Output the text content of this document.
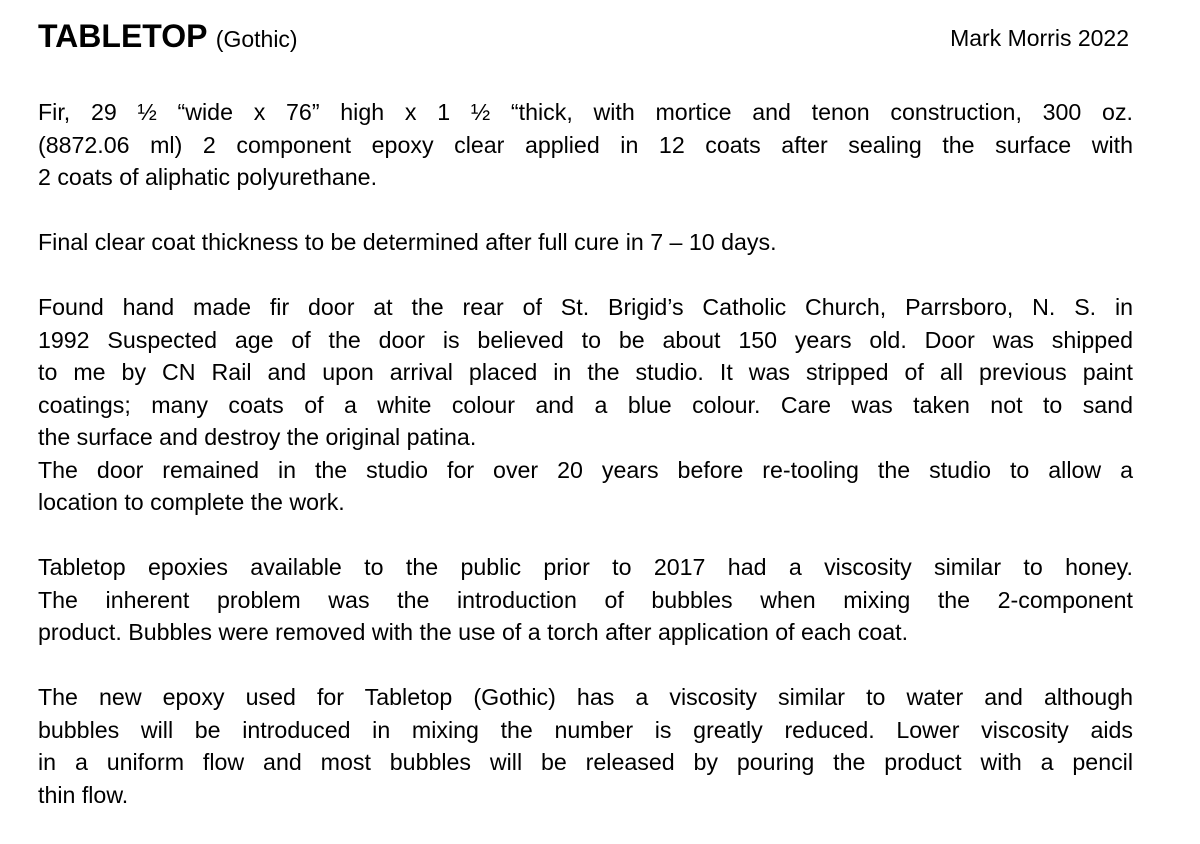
TABLETOP (Gothic)	Mark Morris 2022
Fir, 29 ½ “wide x 76” high x 1 ½ “thick, with mortice and tenon construction, 300 oz.
(8872.06 ml) 2 component epoxy clear applied in 12 coats after sealing the surface with
2 coats of aliphatic polyurethane.
Final clear coat thickness to be determined after full cure in 7 – 10 days.
Found hand made fir door at the rear of St. Brigid’s Catholic Church, Parrsboro, N. S. in
1992 Suspected age of the door is believed to be about 150 years old. Door was shipped
to me by CN Rail and upon arrival placed in the studio. It was stripped of all previous paint
coatings; many coats of a white colour and a blue colour. Care was taken not to sand
the surface and destroy the original patina.
The door remained in the studio for over 20 years before re-tooling the studio to allow a
location to complete the work.
Tabletop epoxies available to the public prior to 2017 had a viscosity similar to honey.
The inherent problem was the introduction of bubbles when mixing the 2-component
product. Bubbles were removed with the use of a torch after application of each coat.
The new epoxy used for Tabletop (Gothic) has a viscosity similar to water and although
bubbles will be introduced in mixing the number is greatly reduced. Lower viscosity aids
in a uniform flow and most bubbles will be released by pouring the product with a pencil
thin flow.
